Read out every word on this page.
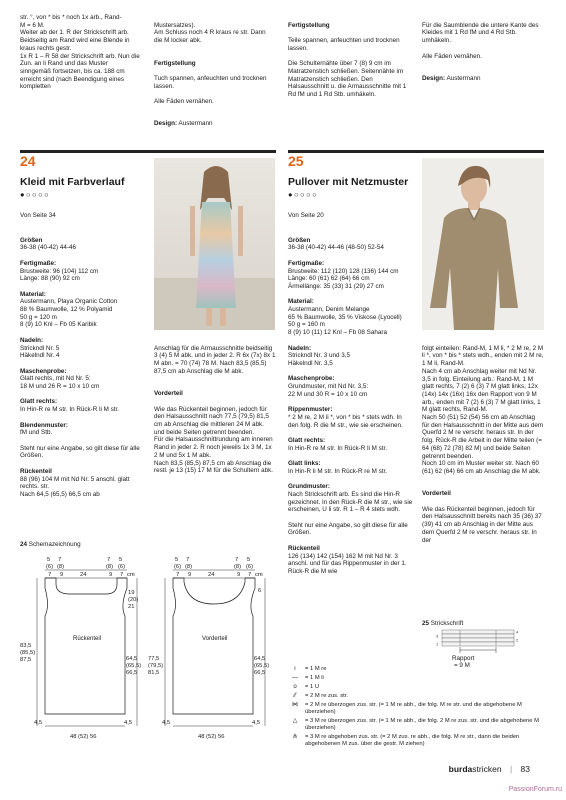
str. °, von * bis * noch 1x arb., Rand-
M = 6 M.
Weiter ab der 1. R der Strickschrift arb.
Beidseitig am Rand wird eine Blende in kraus rechts gestr.
1x R 1 – R 58 der Strickschrift arb. Nun die Zun. an li Rand und das Muster sinngemäß fortsetzen, bis ca. 188 cm erreicht sind (nach Beendigung eines kompletten

Mustersatzes).
Am Schluss noch 4 R kraus re str. Dann die M locker abk.

Fertigstellung

Tuch spannen, anfeuchten und trocknen lassen.

Alle Fäden vernähen.

Design: Austermann

Fertigstellung

Teile spannen, anfeuchten und trocknen lassen.

Die Schulternähte über 7 (8) 9 cm im Matratzenstich schließen. Seitennähte im Matratzenstich schließen. Den Halsausschnitt u. die Armausschnitte mit 1 Rd fM und 1 Rd Stb. umhäkeln.

Für die Saumblende die untere Kante des Kleides mit 1 Rd fM und 4 Rd Stb. umhäkeln.

Alle Fäden vernähen.

Design: Austermann

24
Kleid mit Farbverlauf
●○○○○
Von Seite 34

Größen
36-38 (40-42) 44-46

Fertigmaße:
Brustweite: 96 (104) 112 cm
Länge: 88 (90) 92 cm

Material:
Austermann, Playa Organic Cotton
88 % Baumwolle, 12 % Polyamid
50 g = 120 m
8 (9) 10 Knl – Fb 05 Karibik

Nadeln:
Strickndl Nr. 5
Häkelndl Nr. 4

Maschenprobe:
Glatt rechts, mit Nd Nr. 5:
18 M und 26 R = 10 x 10 cm

Glatt rechts:
In Hin-R re M str. In Rück-R li M str.

Blendenmuster:
fM und Stb.

Steht nur eine Angabe, so gilt diese für alle Größen.

Rückenteil
88 (96) 104 M mit Nd Nr. 5 anschl. glatt rechts. str.
Nach 64,5 (65,5) 66,5 cm ab

Anschlag für die Armausschnitte beidseitig 3 (4) 5 M abk. und in jeder 2. R 6x (7x) 8x 1 M abn. = 70 (74) 78 M. Nach 83,5 (85,5) 87,5 cm ab Anschlag die M abk.

Vorderteil

Wie das Rückenteil beginnen, jedoch für den Halsausschnitt nach 77,5 (79,5) 81,5 cm ab Anschlag die mittleren 24 M abk. und beide Seiten getrennt beenden.
Für die Halsausschnittrundung am inneren Rand in jeder 2. R noch jeweils 1x 3 M, 1x 2 M und 5x 1 M abk.
Nach 83,5 (85,5) 87,5 cm ab Anschlag die restl. je 13 (15) 17 M für die Schultern abk.

24 Schemazeichnung
5
(6)
7
(8)
7
(8)
5
(6)
7 9	24	9 7 cm
Rückenteil
19
(20)
21
64,5
(65,5)
66,5
83,5
(85,5)
87,5
4,5	4,5
48 (52) 56
5
(6)
7
(8)
7
(8)
5
(6)
7 9	24	9 7 cm
Vorderteil
77,5
(79,5)
81,5
6
64,5
(65,5)
66,5
4,5	4,5
48 (52) 56
25
Pullover mit Netzmuster
●○○○○
Von Seite 20

Größen
36-38 (40-42) 44-46 (48-50) 52-54

Fertigmaße:
Brustweite: 112 (120) 128 (136) 144 cm
Länge: 60 (61) 62 (64) 66 cm
Ärmellänge: 35 (33) 31 (29) 27 cm

Material:
Austermann, Denim Melange
65 % Baumwolle, 35 % Viskose (Lyocell)
50 g = 160 m
8 (9) 10 (11) 12 Knl – Fb 08 Sahara

Nadeln:
Strickndl Nr. 3 und 3,5
Häkelndl Nr. 3,5

Maschenprobe:
Grundmuster, mit Nd Nr. 3,5:
22 M und 30 R = 10 x 10 cm

Rippenmuster:
* 2 M re, 2 M li *, von * bis * stets wdh. In den folg. R die M str., wie sie erscheinen.

Glatt rechts:
In Hin-R re M str. In Rück-R li M str.

Glatt links:
In Hin-R li M str. In Rück-R re M str.

Grundmuster:
Nach Strickschrift arb. Es sind die Hin-R gezeichnet. In den Rück-R die M str., wie sie erscheinen, U li str. R 1 – R 4 stets wdh.

Steht nur eine Angabe, so gilt diese für alle Größen.

Rückenteil
126 (134) 142 (154) 162 M mit Nd Nr. 3 anschl. und für das Rippenmuster in der 1. Rück-R die M wie

folgt einteilen: Rand-M, 1 M li, * 2 M re, 2 M li *, von * bis * stets wdh., enden mit 2 M re, 1 M li, Rand-M.
Nach 4 cm ab Anschlag weiter mit Nd Nr. 3,5 in folg. Einteilung arb.: Rand-M, 1 M glatt rechts, 7 (2) 6 (3) 7 M glatt links, 12x (14x) 14x (16x) 16x den Rapport von 9 M arb., enden mit 7 (2) 6 (3) 7 M glatt links, 1 M glatt rechts, Rand-M.
Nach 50 (51) 52 (54) 56 cm ab Anschlag für den Halsausschnitt in der Mitte aus dem Querfd 2 M re verschr. heraus str. In der folg. Rück-R die Arbeit in der Mitte teilen (= 64 (68) 72 (78) 82 M) und beide Seiten getrennt beenden.
Noch 10 cm im Muster weiter str. Nach 60 (61) 62 (64) 66 cm ab Anschlag die M abk.

Vorderteil

Wie das Rückenteil beginnen, jedoch für den Halsausschnitt bereits nach 35 (36) 37 (39) 41 cm ab Anschlag in der Mitte aus dem Querfd 2 M re verschr. heraus str. In der

25 Strickschrift
4
3
2
1
Rapport
= 9 M
ı	= 1 M re
—	= 1 M li
o	= 1 U
⁄⁄	= 2 M re zus. str.
⋈	= 2 M re überzogen zus. str. (= 1 M re abh., die folg. M re str. und die abgehobene M überziehen)
△	= 3 M re überzogen zus. str. (= 1 M re abh., die folg. 2 M re zus. str. und die abgehobene M überziehen)
⋔	= 3 M re abgehoben zus. str. (= 2 M zus. re abh., die folg. M re str., dann die beiden abgehobenen M zus. über die gestr. M ziehen)
burdastricken | 83
PassionForum.ru
